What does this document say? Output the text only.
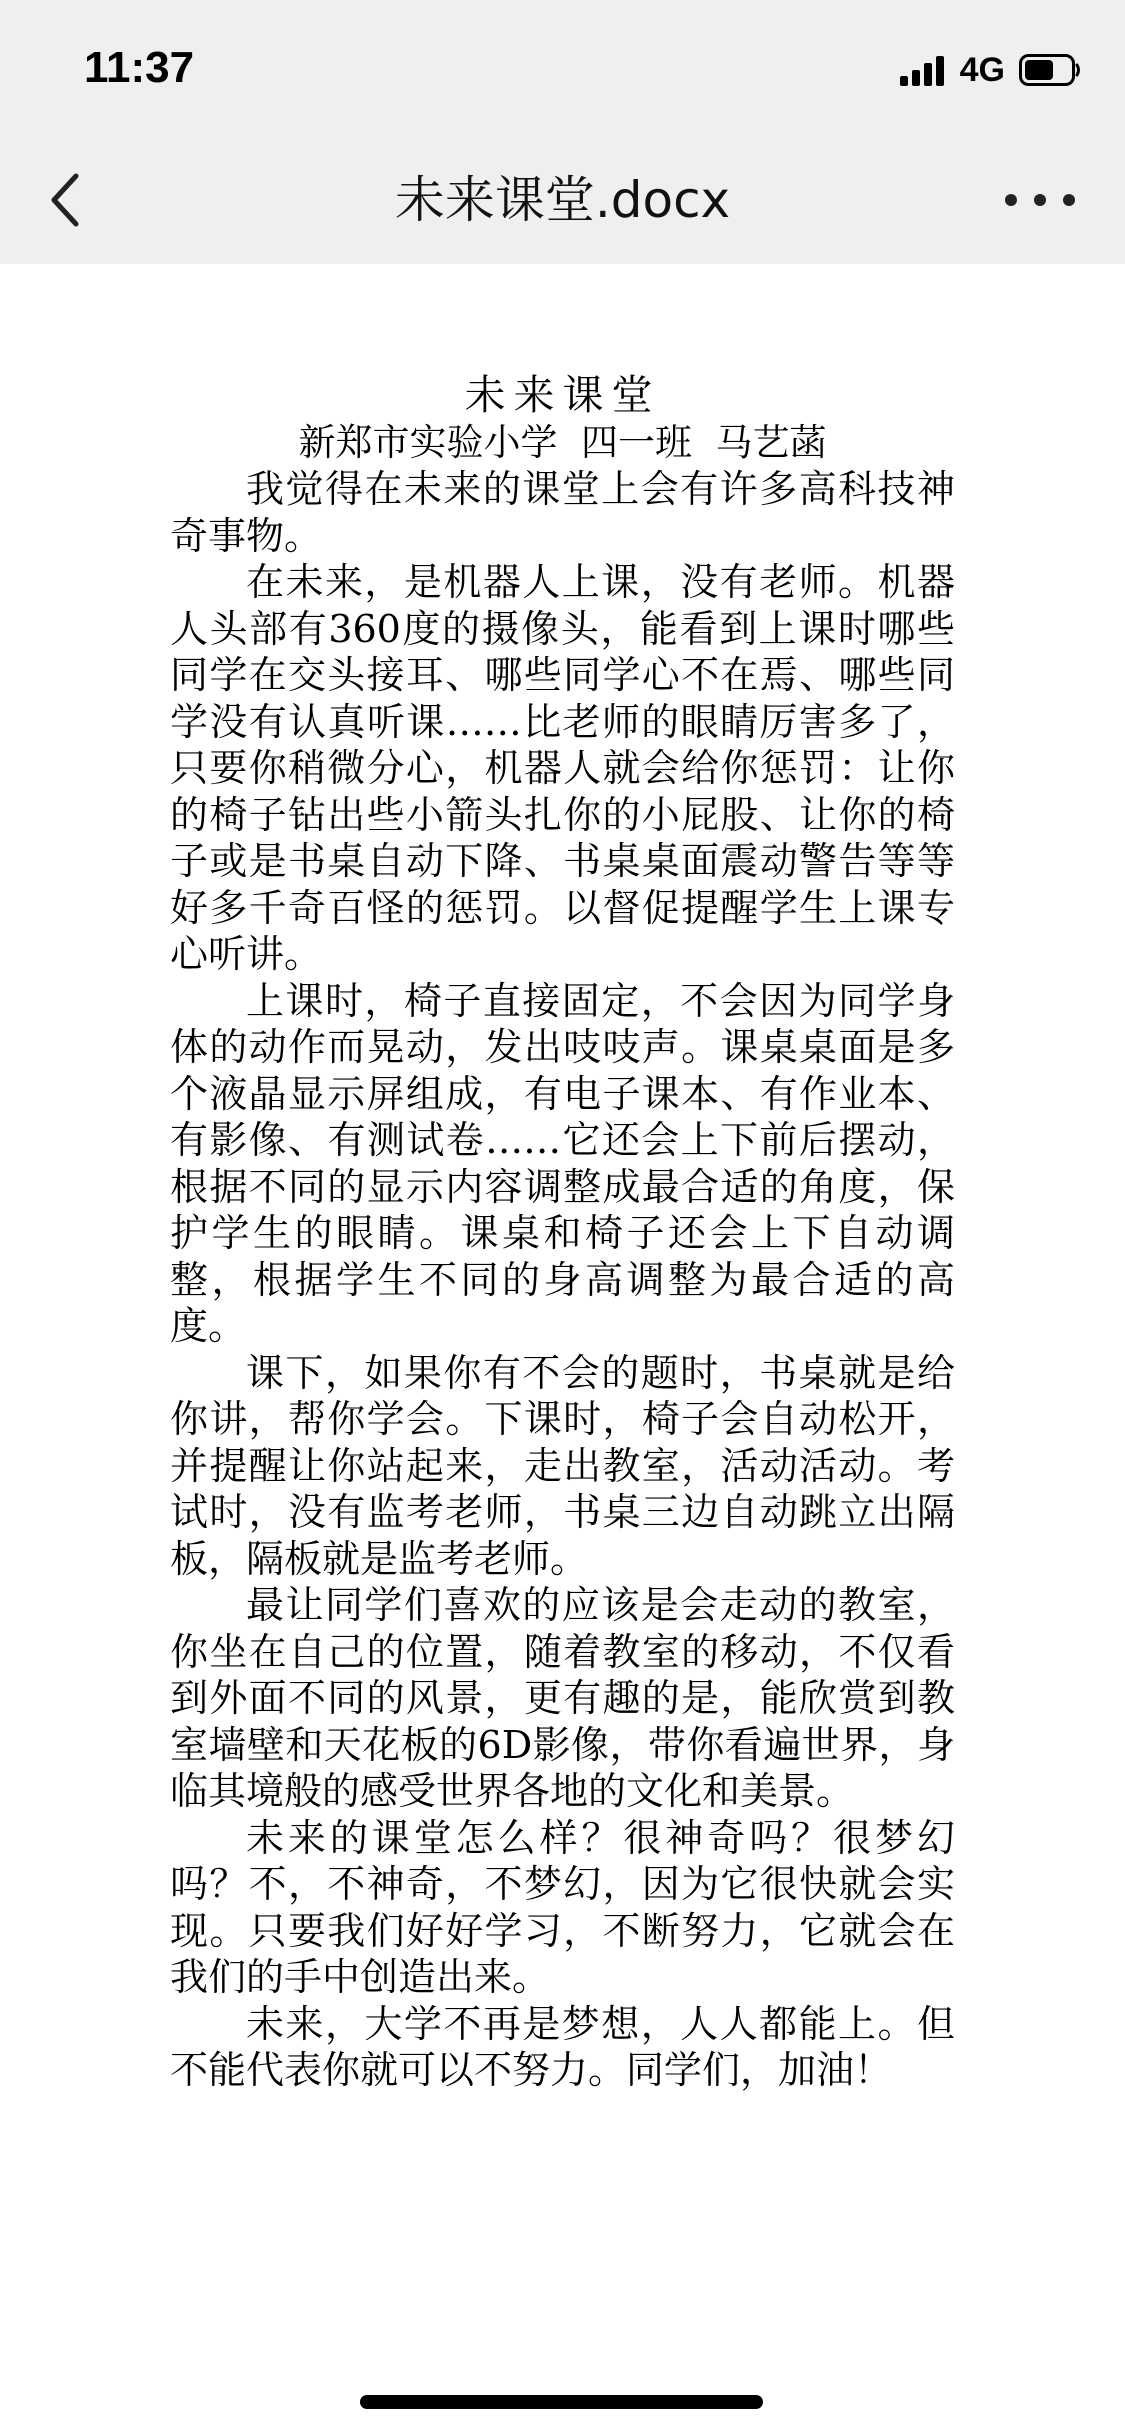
11:37	4G
未来课堂.docx

未来课堂

新郑市实验小学  四一班  马艺菡

我觉得在未来的课堂上会有许多高科技神奇事物。

在未来，是机器人上课，没有老师。机器人头部有360度的摄像头，能看到上课时哪些同学在交头接耳、哪些同学心不在焉、哪些同学没有认真听课……比老师的眼睛厉害多了，只要你稍微分心，机器人就会给你惩罚：让你的椅子钻出些小箭头扎你的小屁股、让你的椅子或是书桌自动下降、书桌桌面震动警告等等好多千奇百怪的惩罚。以督促提醒学生上课专心听讲。

上课时，椅子直接固定，不会因为同学身体的动作而晃动，发出吱吱声。课桌桌面是多个液晶显示屏组成，有电子课本、有作业本、有影像、有测试卷……它还会上下前后摆动，根据不同的显示内容调整成最合适的角度，保护学生的眼睛。课桌和椅子还会上下自动调整，根据学生不同的身高调整为最合适的高度。

课下，如果你有不会的题时，书桌就是给你讲，帮你学会。下课时，椅子会自动松开，并提醒让你站起来，走出教室，活动活动。考试时，没有监考老师，书桌三边自动跳立出隔板，隔板就是监考老师。

最让同学们喜欢的应该是会走动的教室，你坐在自己的位置，随着教室的移动，不仅看到外面不同的风景，更有趣的是，能欣赏到教室墙壁和天花板的6D影像，带你看遍世界，身临其境般的感受世界各地的文化和美景。

未来的课堂怎么样？很神奇吗？很梦幻吗？不，不神奇，不梦幻，因为它很快就会实现。只要我们好好学习，不断努力，它就会在我们的手中创造出来。

未来，大学不再是梦想，人人都能上。但不能代表你就可以不努力。同学们，加油！
